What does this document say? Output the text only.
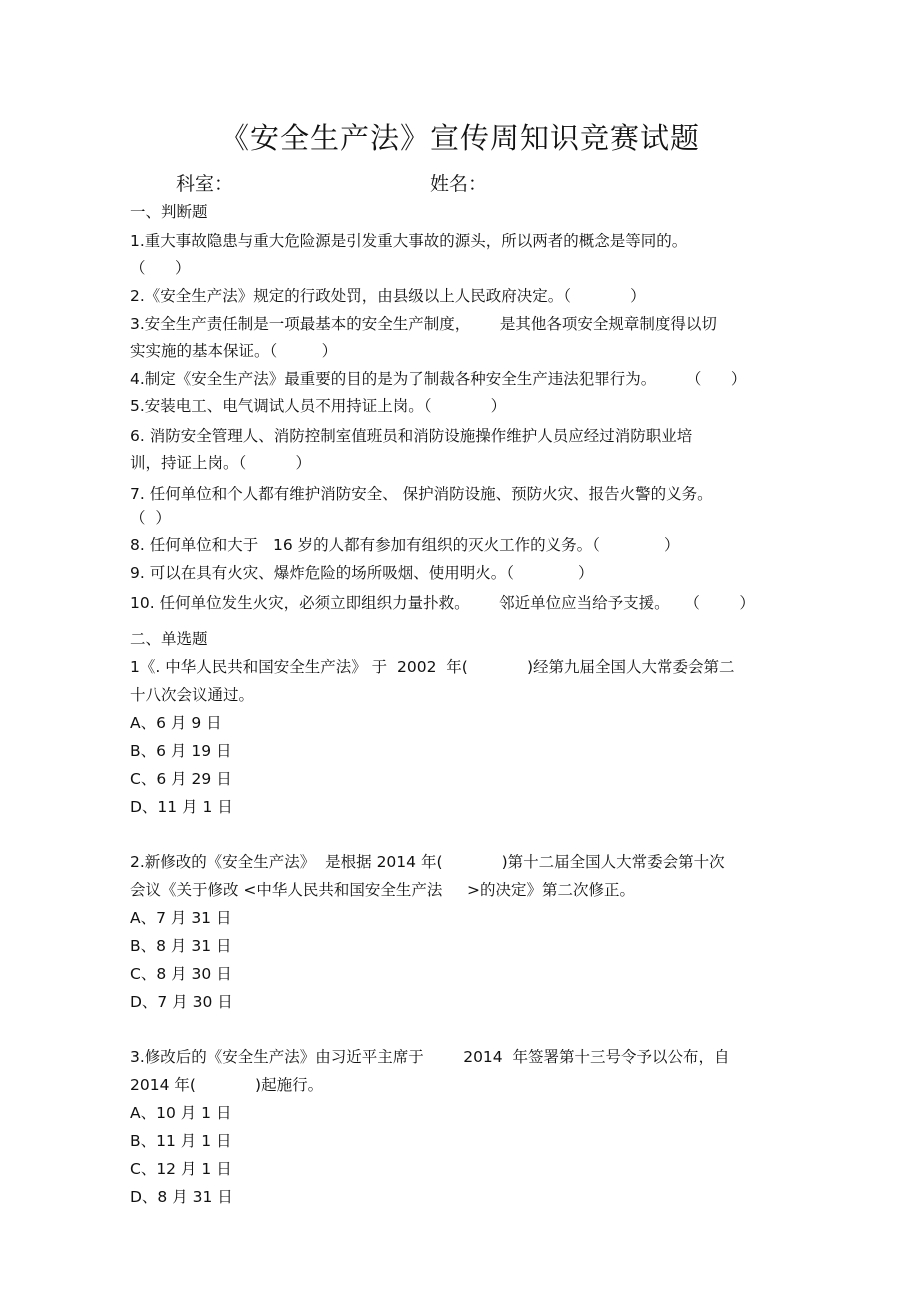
《安全生产法》宣传周知识竞赛试题
科室：	姓名：
一、判断题
1.重大事故隐患与重大危险源是引发重大事故的源头，所以两者的概念是等同的。
（      ）
2.《安全生产法》规定的行政处罚，由县级以上人民政府决定。（            ）
3.安全生产责任制是一项最基本的安全生产制度，      是其他各项安全规章制度得以切
实实施的基本保证。（         ）
4.制定《安全生产法》最重要的目的是为了制裁各种安全生产违法犯罪行为。      （      ）
5.安装电工、电气调试人员不用持证上岗。（            ）
6. 消防安全管理人、消防控制室值班员和消防设施操作维护人员应经过消防职业培
训，持证上岗。（          ）
7. 任何单位和个人都有维护消防安全、 保护消防设施、预防火灾、报告火警的义务。
（  ）
8. 任何单位和大于   16 岁的人都有参加有组织的灭火工作的义务。（             ）
9. 可以在具有火灾、爆炸危险的场所吸烟、使用明火。（             ）
10. 任何单位发生火灾，必须立即组织力量扑救。      邻近单位应当给予支援。   （        ）
二、单选题
1《. 中华人民共和国安全生产法》 于  2002  年(            )经第九届全国人大常委会第二
十八次会议通过。
A、6 月 9 日
B、6 月 19 日
C、6 月 29 日
D、11 月 1 日
2.新修改的《安全生产法》  是根据 2014 年(            )第十二届全国人大常委会第十次
会议《关于修改 <中华人民共和国安全生产法     >的决定》第二次修正。
A、7 月 31 日
B、8 月 31 日
C、8 月 30 日
D、7 月 30 日
3.修改后的《安全生产法》由习近平主席于        2014  年签署第十三号令予以公布，自
2014 年(            )起施行。
A、10 月 1 日
B、11 月 1 日
C、12 月 1 日
D、8 月 31 日
